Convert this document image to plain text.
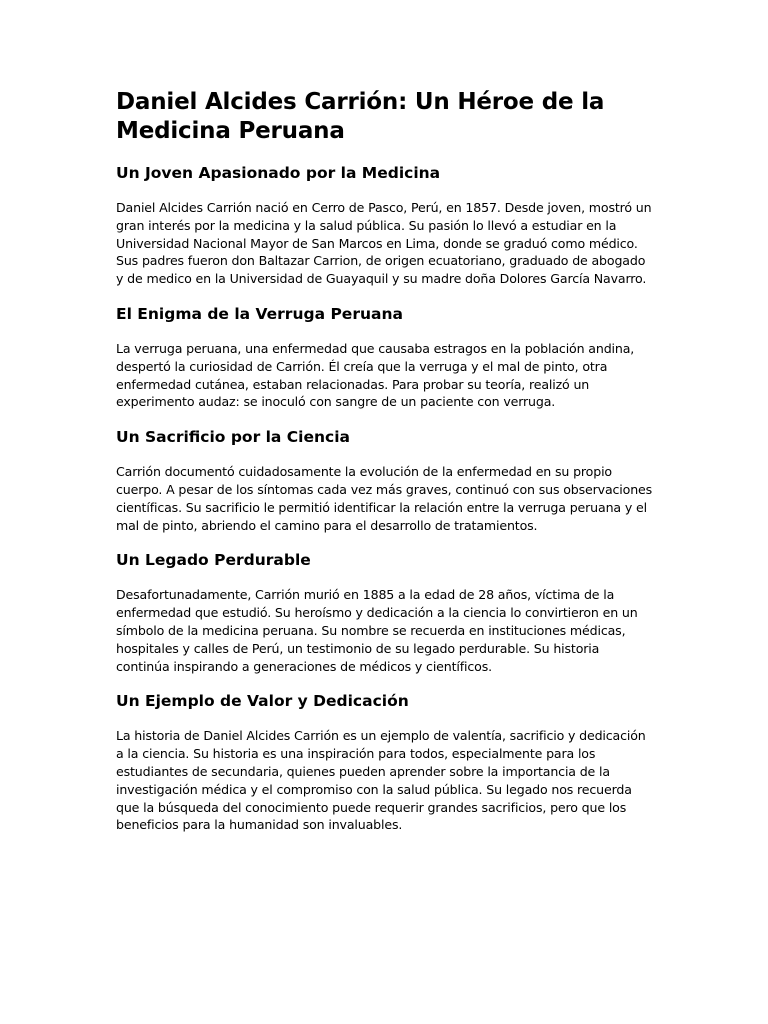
Daniel Alcides Carrión: Un Héroe de la Medicina Peruana
Un Joven Apasionado por la Medicina

Daniel Alcides Carrión nació en Cerro de Pasco, Perú, en 1857. Desde joven, mostró un gran interés por la medicina y la salud pública. Su pasión lo llevó a estudiar en la Universidad Nacional Mayor de San Marcos en Lima, donde se graduó como médico. Sus padres fueron don Baltazar Carrion, de origen ecuatoriano, graduado de abogado y de medico en la Universidad de Guayaquil y su madre doña Dolores García Navarro.

El Enigma de la Verruga Peruana

La verruga peruana, una enfermedad que causaba estragos en la población andina, despertó la curiosidad de Carrión. Él creía que la verruga y el mal de pinto, otra enfermedad cutánea, estaban relacionadas. Para probar su teoría, realizó un experimento audaz: se inoculó con sangre de un paciente con verruga.

Un Sacrificio por la Ciencia

Carrión documentó cuidadosamente la evolución de la enfermedad en su propio cuerpo. A pesar de los síntomas cada vez más graves, continuó con sus observaciones científicas. Su sacrificio le permitió identificar la relación entre la verruga peruana y el mal de pinto, abriendo el camino para el desarrollo de tratamientos.

Un Legado Perdurable

Desafortunadamente, Carrión murió en 1885 a la edad de 28 años, víctima de la enfermedad que estudió. Su heroísmo y dedicación a la ciencia lo convirtieron en un símbolo de la medicina peruana. Su nombre se recuerda en instituciones médicas, hospitales y calles de Perú, un testimonio de su legado perdurable. Su historia continúa inspirando a generaciones de médicos y científicos.

Un Ejemplo de Valor y Dedicación

La historia de Daniel Alcides Carrión es un ejemplo de valentía, sacrificio y dedicación a la ciencia. Su historia es una inspiración para todos, especialmente para los estudiantes de secundaria, quienes pueden aprender sobre la importancia de la investigación médica y el compromiso con la salud pública. Su legado nos recuerda que la búsqueda del conocimiento puede requerir grandes sacrificios, pero que los beneficios para la humanidad son invaluables.
